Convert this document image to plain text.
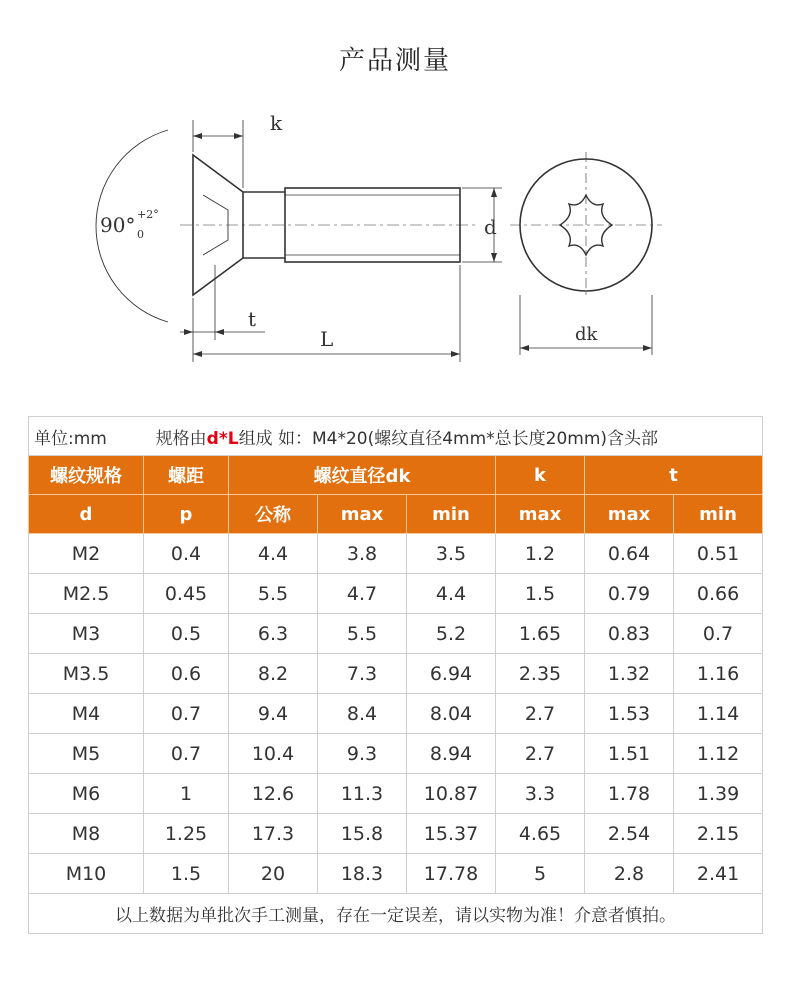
产品测量
k
90° +2°
0	d
t
L	dk
单位:mm 规格由d*L组成 如：M4*20(螺纹直径4mm*总长度20mm)含头部							
螺纹规格	螺距	螺纹直径dk			k	t	
d	p	公称	max	min	max	max	min
M2	0.4	4.4	3.8	3.5	1.2	0.64	0.51
M2.5	0.45	5.5	4.7	4.4	1.5	0.79	0.66
M3	0.5	6.3	5.5	5.2	1.65	0.83	0.7
M3.5	0.6	8.2	7.3	6.94	2.35	1.32	1.16
M4	0.7	9.4	8.4	8.04	2.7	1.53	1.14
M5	0.7	10.4	9.3	8.94	2.7	1.51	1.12
M6	1	12.6	11.3	10.87	3.3	1.78	1.39
M8	1.25	17.3	15.8	15.37	4.65	2.54	2.15
M10	1.5	20	18.3	17.78	5	2.8	2.41
以上数据为单批次手工测量，存在一定误差，请以实物为准！介意者慎拍。							
